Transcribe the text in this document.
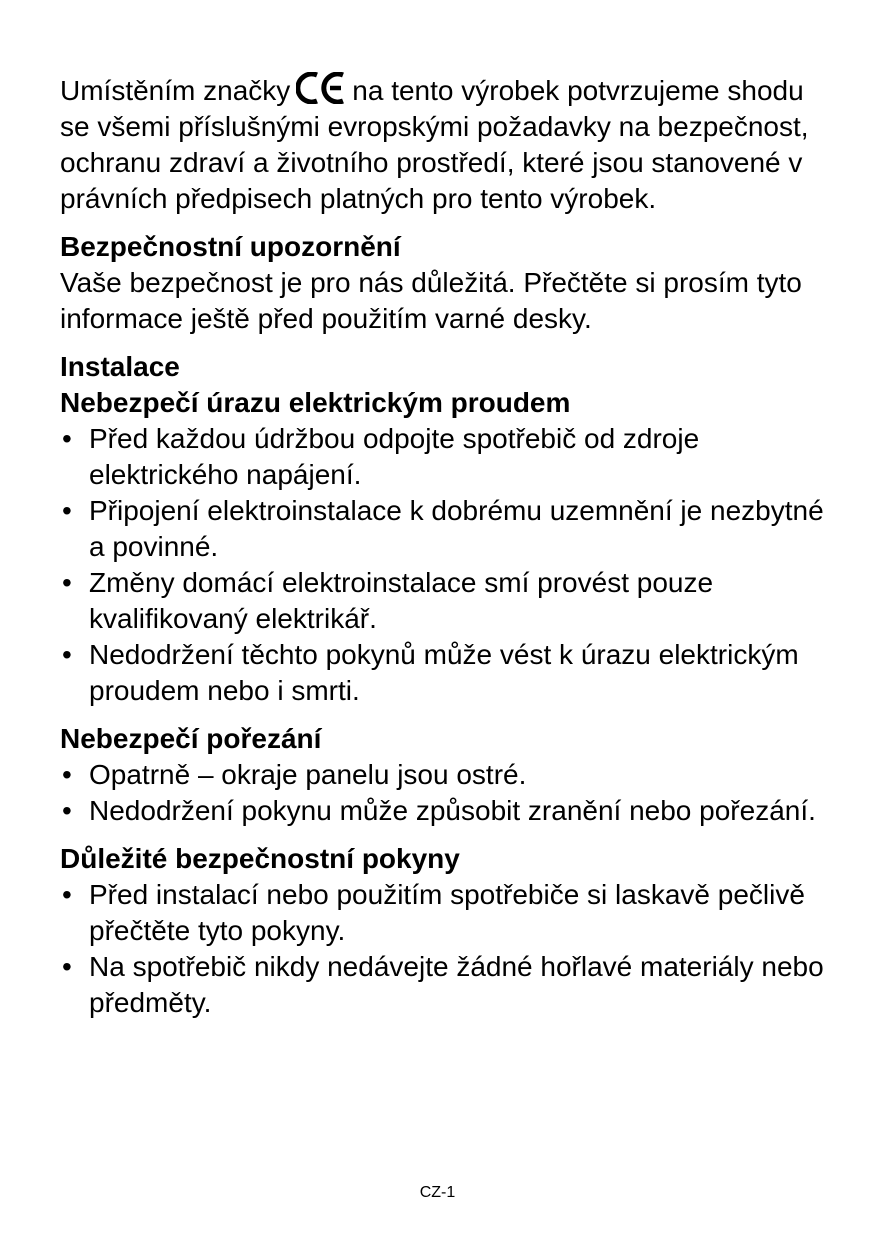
Umístěním značky na tento výrobek potvrzujeme shodu se všemi příslušnými evropskými požadavky na bezpečnost, ochranu zdraví a životního prostředí, které jsou stanovené v právních předpisech platných pro tento výrobek.

Bezpečnostní upozornění

Vaše bezpečnost je pro nás důležitá. Přečtěte si prosím tyto informace ještě před použitím varné desky.

Instalace

Nebezpečí úrazu elektrickým proudem

• Před každou údržbou odpojte spotřebič od zdroje elektrického napájení.
• Připojení elektroinstalace k dobrému uzemnění je nezbytné a povinné.
• Změny domácí elektroinstalace smí provést pouze kvalifikovaný elektrikář.
• Nedodržení těchto pokynů může vést k úrazu elektrickým proudem nebo i smrti.

Nebezpečí pořezání

• Opatrně – okraje panelu jsou ostré.
• Nedodržení pokynu může způsobit zranění nebo pořezání.

Důležité bezpečnostní pokyny

• Před instalací nebo použitím spotřebiče si laskavě pečlivě přečtěte tyto pokyny.
• Na spotřebič nikdy nedávejte žádné hořlavé materiály nebo předměty.
CZ-1
